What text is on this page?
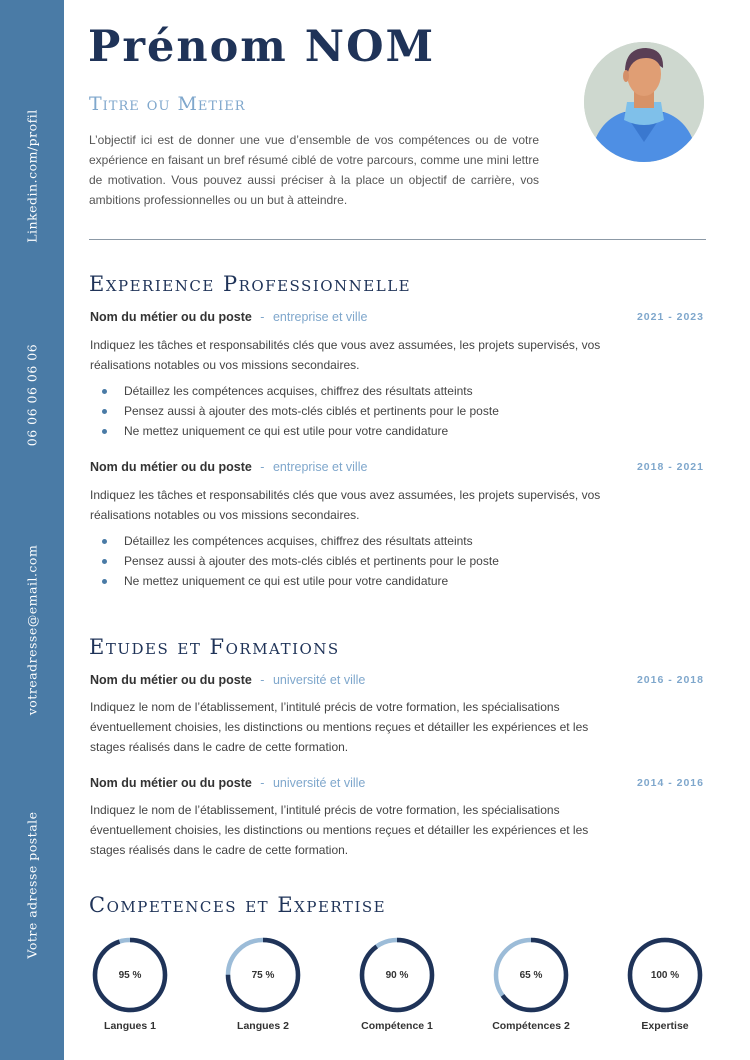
Linkedin.com/profil
06 06 06 06 06
votreadresse@email.com
Votre adresse postale
Prénom NOM
Titre ou Metier
L’objectif ici est de donner une vue d’ensemble de vos compétences ou de votre expérience en faisant un bref résumé ciblé de votre parcours, comme une mini lettre de motivation. Vous pouvez aussi préciser à la place un objectif de carrière, vos ambitions professionnelles ou un but à atteindre.
Experience Professionnelle
Nom du métier ou du poste - entreprise et ville	2021 - 2023
Indiquez les tâches et responsabilités clés que vous avez assumées, les projets supervisés, vos réalisations notables ou vos missions secondaires.
Détaillez les compétences acquises, chiffrez des résultats atteints
Pensez aussi à ajouter des mots-clés ciblés et pertinents pour le poste
Ne mettez uniquement ce qui est utile pour votre candidature
Nom du métier ou du poste - entreprise et ville	2018 - 2021
Indiquez les tâches et responsabilités clés que vous avez assumées, les projets supervisés, vos réalisations notables ou vos missions secondaires.
Détaillez les compétences acquises, chiffrez des résultats atteints
Pensez aussi à ajouter des mots-clés ciblés et pertinents pour le poste
Ne mettez uniquement ce qui est utile pour votre candidature
Etudes et Formations
Nom du métier ou du poste - université et ville	2016 - 2018
Indiquez le nom de l’établissement, l’intitulé précis de votre formation, les spécialisations éventuellement choisies, les distinctions ou mentions reçues et détailler les expériences et les stages réalisés dans le cadre de cette formation.
Nom du métier ou du poste - université et ville	2014 - 2016
Indiquez le nom de l’établissement, l’intitulé précis de votre formation, les spécialisations éventuellement choisies, les distinctions ou mentions reçues et détailler les expériences et les stages réalisés dans le cadre de cette formation.
Competences et Expertise
95 %
Langues 1
75 %
Langues 2
90 %
Compétence 1
65 %
Compétences 2
100 %
Expertise
